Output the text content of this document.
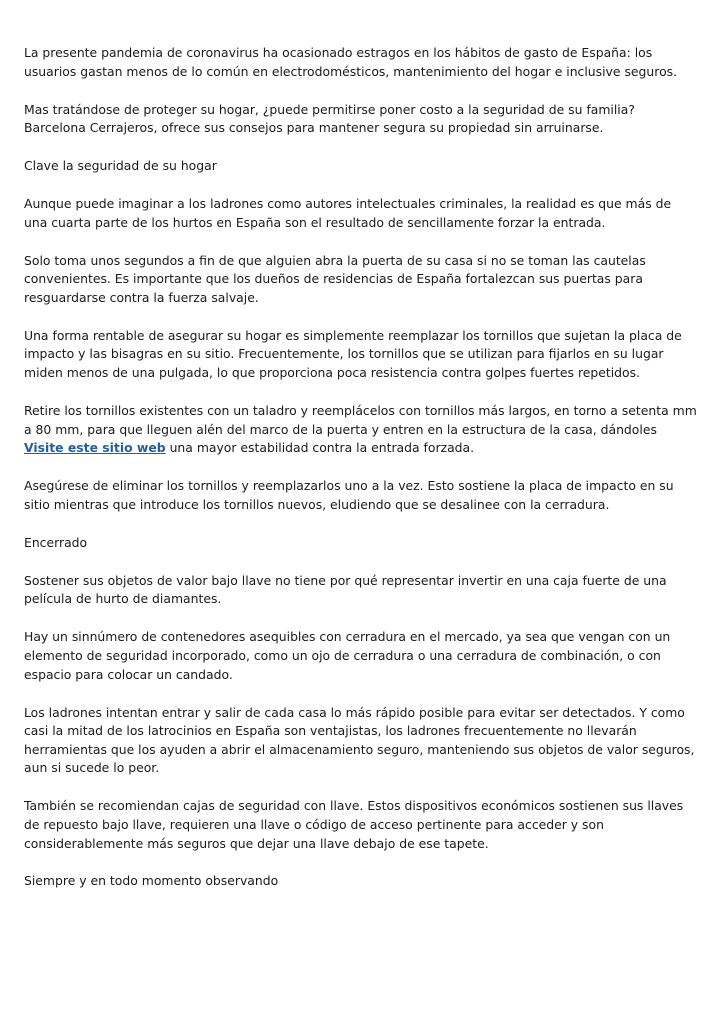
La presente pandemia de coronavirus ha ocasionado estragos en los hábitos de gasto de España: los usuarios gastan menos de lo común en electrodomésticos, mantenimiento del hogar e inclusive seguros.

Mas tratándose de proteger su hogar, ¿puede permitirse poner costo a la seguridad de su familia? Barcelona Cerrajeros, ofrece sus consejos para mantener segura su propiedad sin arruinarse.

Clave la seguridad de su hogar

Aunque puede imaginar a los ladrones como autores intelectuales criminales, la realidad es que más de una cuarta parte de los hurtos en España son el resultado de sencillamente forzar la entrada.

Solo toma unos segundos a fin de que alguien abra la puerta de su casa si no se toman las cautelas convenientes. Es importante que los dueños de residencias de España fortalezcan sus puertas para resguardarse contra la fuerza salvaje.

Una forma rentable de asegurar su hogar es simplemente reemplazar los tornillos que sujetan la placa de impacto y las bisagras en su sitio. Frecuentemente, los tornillos que se utilizan para fijarlos en su lugar miden menos de una pulgada, lo que proporciona poca resistencia contra golpes fuertes repetidos.

Retire los tornillos existentes con un taladro y reemplácelos con tornillos más largos, en torno a setenta mm a 80 mm, para que lleguen alén del marco de la puerta y entren en la estructura de la casa, dándoles Visite este sitio web una mayor estabilidad contra la entrada forzada.

Asegúrese de eliminar los tornillos y reemplazarlos uno a la vez. Esto sostiene la placa de impacto en su sitio mientras que introduce los tornillos nuevos, eludiendo que se desalinee con la cerradura.

Encerrado

Sostener sus objetos de valor bajo llave no tiene por qué representar invertir en una caja fuerte de una película de hurto de diamantes.

Hay un sinnúmero de contenedores asequibles con cerradura en el mercado, ya sea que vengan con un elemento de seguridad incorporado, como un ojo de cerradura o una cerradura de combinación, o con espacio para colocar un candado.

Los ladrones intentan entrar y salir de cada casa lo más rápido posible para evitar ser detectados. Y como casi la mitad de los latrocinios en España son ventajistas, los ladrones frecuentemente no llevarán herramientas que los ayuden a abrir el almacenamiento seguro, manteniendo sus objetos de valor seguros, aun si sucede lo peor.

También se recomiendan cajas de seguridad con llave. Estos dispositivos económicos sostienen sus llaves de repuesto bajo llave, requieren una llave o código de acceso pertinente para acceder y son considerablemente más seguros que dejar una llave debajo de ese tapete.

Siempre y en todo momento observando
